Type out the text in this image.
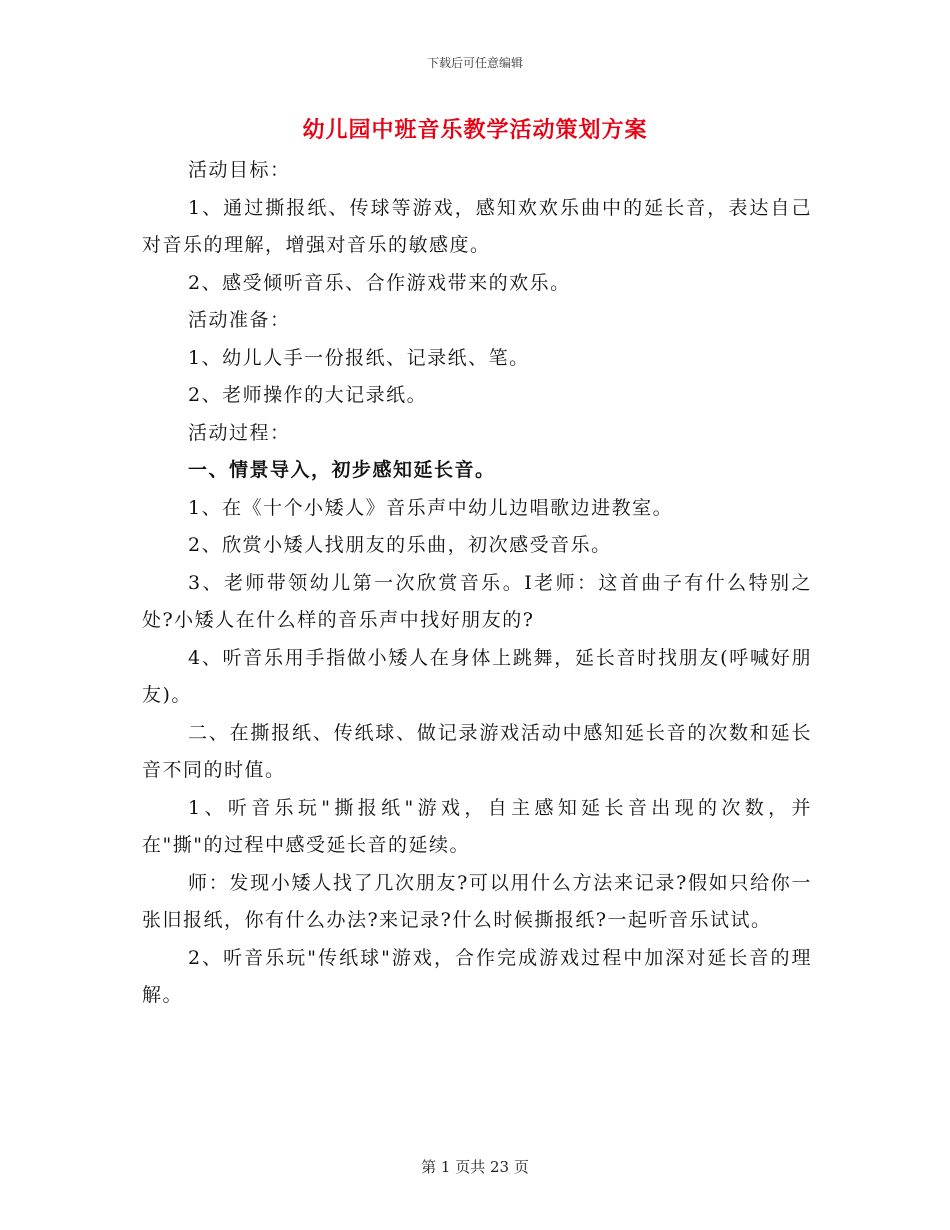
下载后可任意编辑
幼儿园中班音乐教学活动策划方案

活动目标：

1、通过撕报纸、传球等游戏，感知欢欢乐曲中的延长音，表达自己对音乐的理解，增强对音乐的敏感度。

2、感受倾听音乐、合作游戏带来的欢乐。

活动准备：

1、幼儿人手一份报纸、记录纸、笔。

2、老师操作的大记录纸。

活动过程：

一、情景导入，初步感知延长音。

1、在《十个小矮人》音乐声中幼儿边唱歌边进教室。

2、欣赏小矮人找朋友的乐曲，初次感受音乐。

3、老师带领幼儿第一次欣赏音乐。I老师：这首曲子有什么特别之处?小矮人在什么样的音乐声中找好朋友的?

4、听音乐用手指做小矮人在身体上跳舞，延长音时找朋友(呼喊好朋友)。

二、在撕报纸、传纸球、做记录游戏活动中感知延长音的次数和延长音不同的时值。

1、听音乐玩"撕报纸"游戏，自主感知延长音出现的次数，并在"撕"的过程中感受延长音的延续。

师：发现小矮人找了几次朋友?可以用什么方法来记录?假如只给你一张旧报纸，你有什么办法?来记录?什么时候撕报纸?一起听音乐试试。

2、听音乐玩"传纸球"游戏，合作完成游戏过程中加深对延长音的理解。

第 1 页共 23 页
